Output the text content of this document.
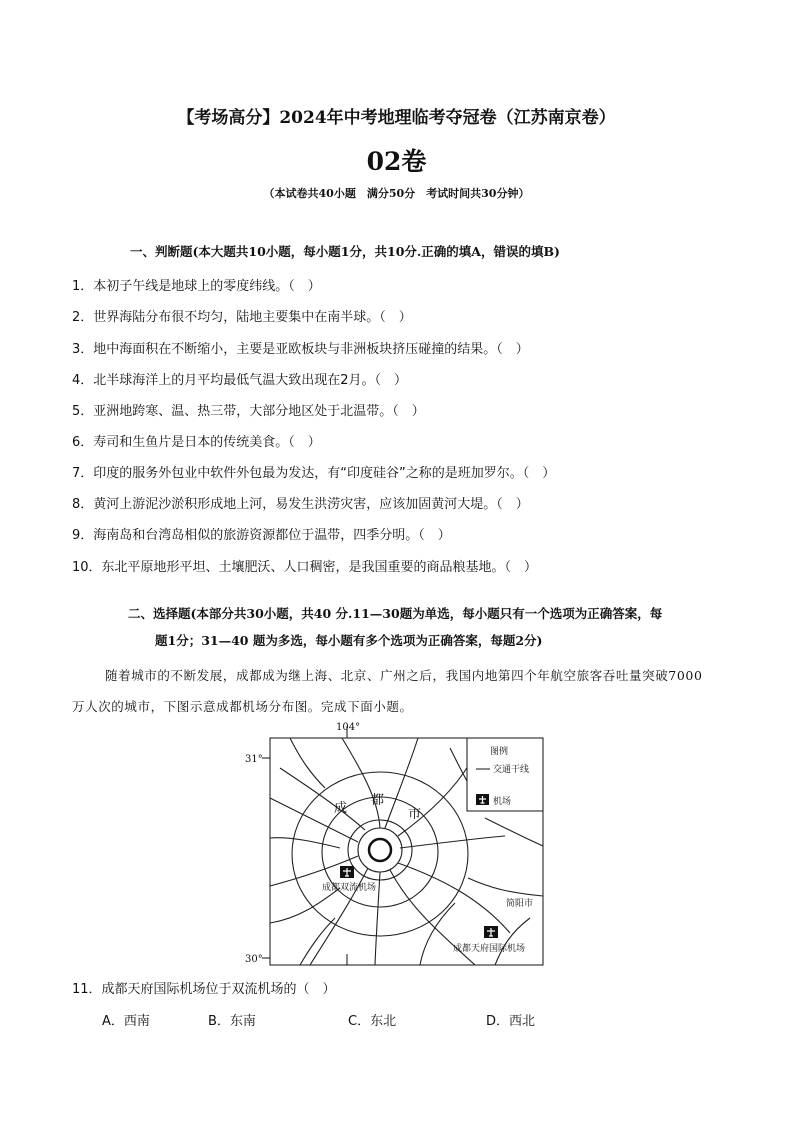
【考场高分】2024年中考地理临考夺冠卷（江苏南京卷）
02卷
（本试卷共40小题　满分50分　考试时间共30分钟）
一、判断题(本大题共10小题，每小题1分，共10分.正确的填A，错误的填B)
1．本初子午线是地球上的零度纬线。（　）
2．世界海陆分布很不均匀，陆地主要集中在南半球。（　）
3．地中海面积在不断缩小，主要是亚欧板块与非洲板块挤压碰撞的结果。（　）
4．北半球海洋上的月平均最低气温大致出现在2月。（　）
5．亚洲地跨寒、温、热三带，大部分地区处于北温带。（　）
6．寿司和生鱼片是日本的传统美食。（　）
7．印度的服务外包业中软件外包最为发达，有“印度硅谷”之称的是班加罗尔。（　）
8．黄河上游泥沙淤积形成地上河，易发生洪涝灾害，应该加固黄河大堤。（　）
9．海南岛和台湾岛相似的旅游资源都位于温带，四季分明。（　）
10．东北平原地形平坦、土壤肥沃、人口稠密，是我国重要的商品粮基地。（　）
二、选择题(本部分共30小题，共40 分.11—30题为单选，每小题只有一个选项为正确答案，每
题1分；31—40 题为多选，每小题有多个选项为正确答案，每题2分)
随着城市的不断发展，成都成为继上海、北京、广州之后，我国内地第四个年航空旅客吞吐量突破7000
万人次的城市，下图示意成都机场分布图。完成下面小题。
成
都
市
图例
交通干线
机场
成都双流机场
简阳市
成都天府国际机场
104°
31°
30°
11．成都天府国际机场位于双流机场的（　）
A．西南	B．东南	C．东北	D．西北
